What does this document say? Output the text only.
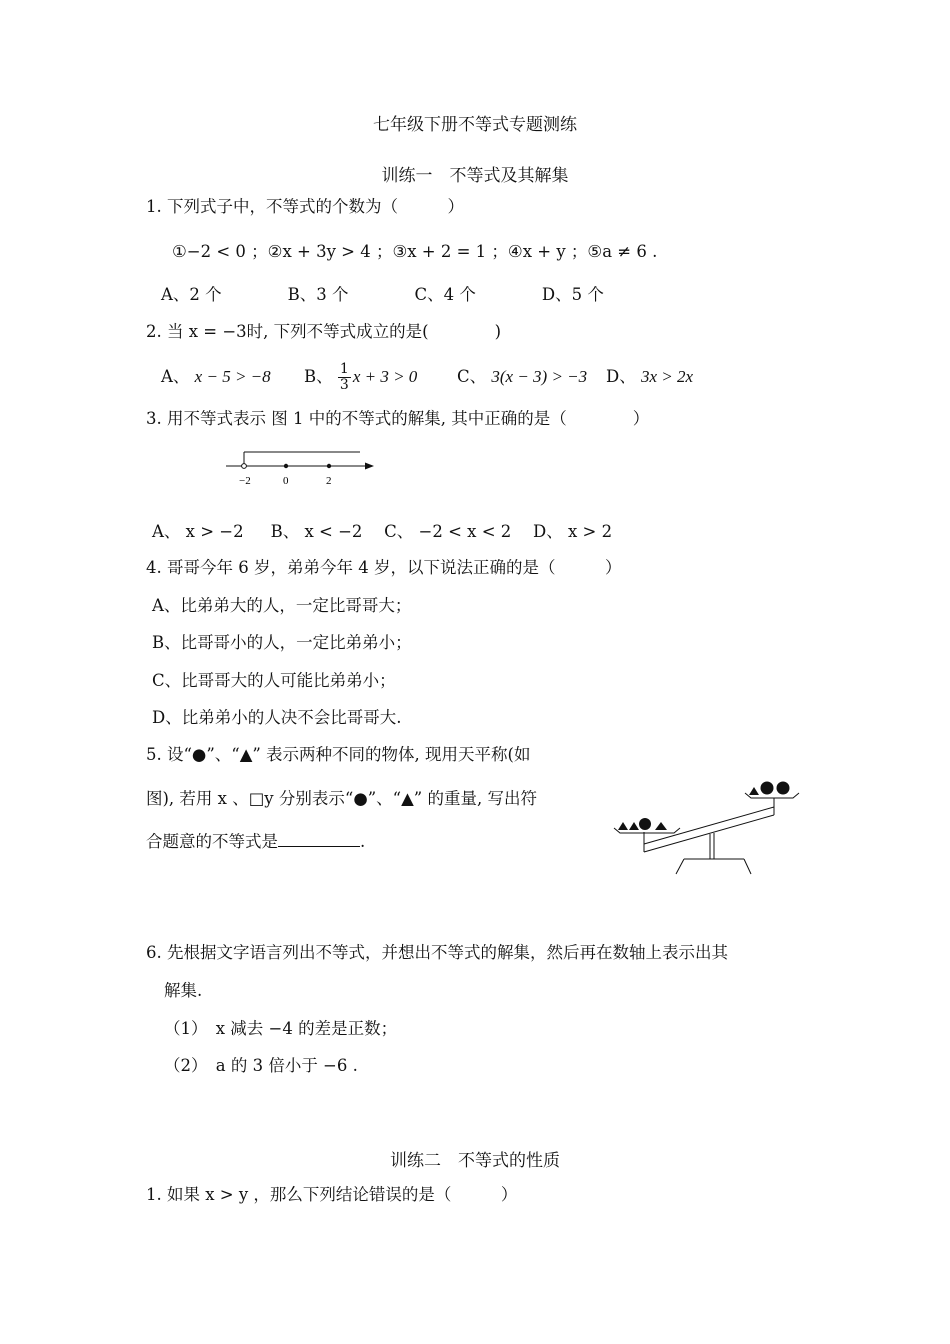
七年级下册不等式专题测练
训练一　不等式及其解集
1. 下列式子中，不等式的个数为（　　　）
①−2 < 0 ；②x + 3y > 4 ；③x + 2 = 1 ；④x + y ；⑤a ≠ 6 .
A、2 个　　　　B、3 个　　　　C、4 个　　　　D、5 个
2. 当 x = −3时, 下列不等式成立的是(　　　　)
A、 x − 5 > −8 B、 $\frac{1}{3}$ x + 3 > 0 C、 3(x − 3) > −3 D、 3x > 2x
3. 用不等式表示 图 1 中的不等式的解集, 其中正确的是（　　　　）
−2	0	2
A、 x > −2 　 B、 x < −2 　C、 −2 < x < 2 　D、 x > 2
4. 哥哥今年 6 岁，弟弟今年 4 岁，以下说法正确的是（　　　）
A、比弟弟大的人，一定比哥哥大；
B、比哥哥小的人，一定比弟弟小；
C、比哥哥大的人可能比弟弟小；
D、比弟弟小的人决不会比哥哥大.
5. 设“●”、“▲” 表示两种不同的物体, 现用天平称(如
图), 若用 x 、□y 分别表示“●”、“▲” 的重量, 写出符
合题意的不等式是	.
6. 先根据文字语言列出不等式，并想出不等式的解集，然后再在数轴上表示出其
解集.
（1）　x 减去 −4 的差是正数；
（2）　a 的 3 倍小于 −6 .
训练二　不等式的性质
1. 如果 x > y ，那么下列结论错误的是（　　　）
